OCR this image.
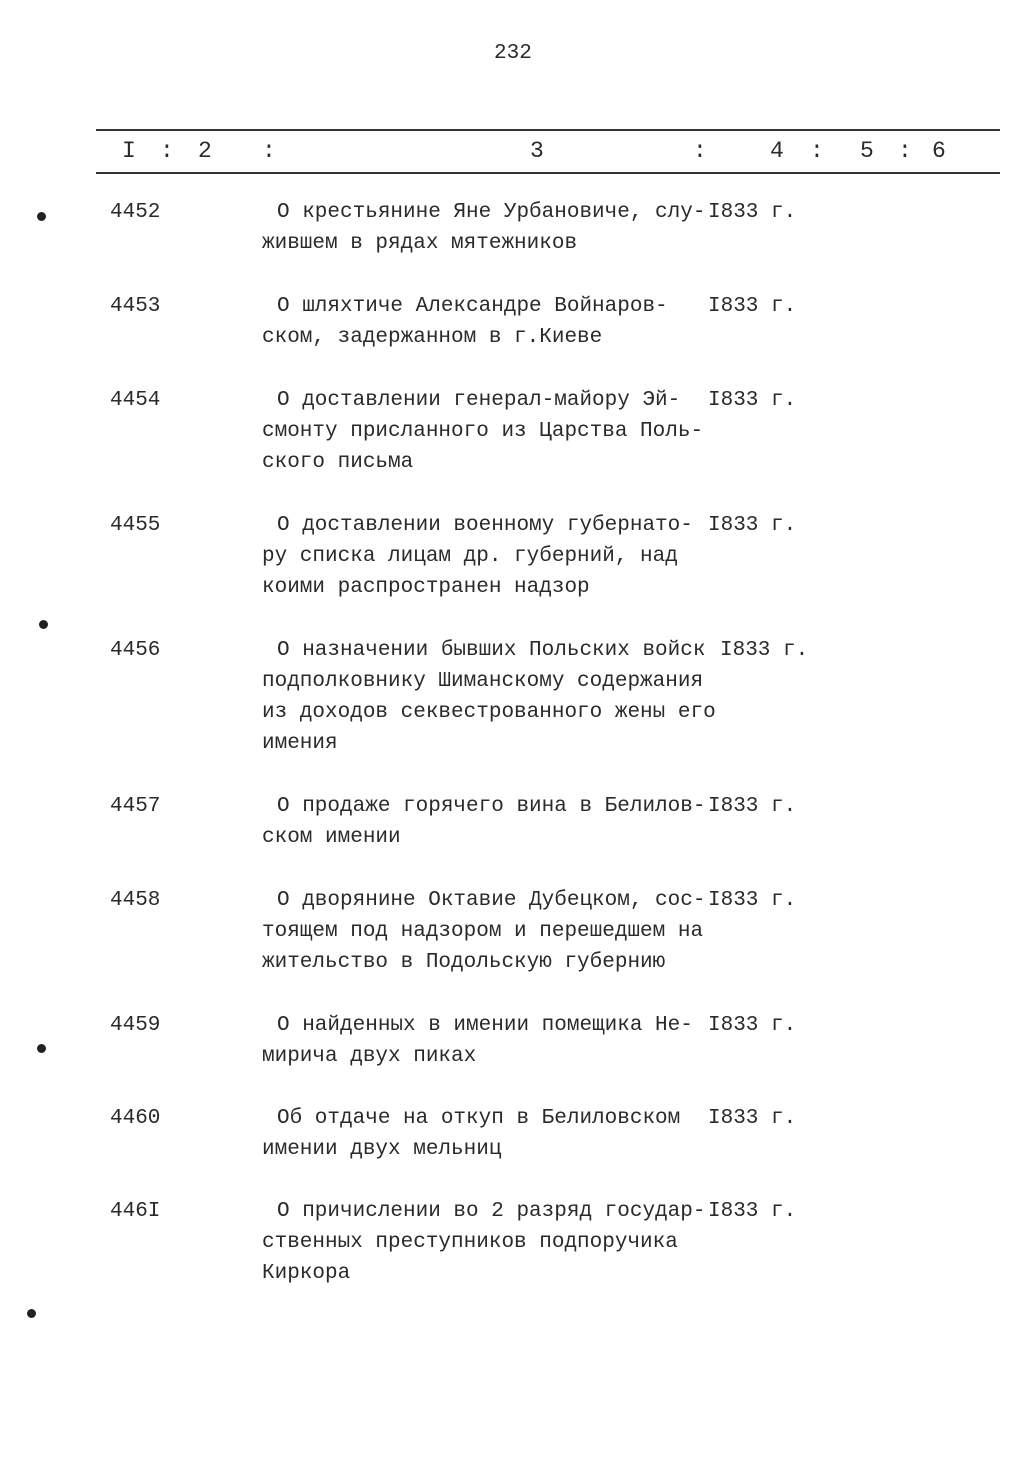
232
I : 2 :	3	:	4 : 5 : 6
4452	О крестьянине Яне Урбановиче, слу-
жившем в рядах мятежников
I833 г.
4453	О шляхтиче Александре Войнаров-
ском, задержанном в г.Киеве
I833 г.
4454	О доставлении генерал-майору Эй-
смонту присланного из Царства Поль-
ского письма
I833 г.
4455	О доставлении военному губернато-
ру списка лицам др. губерний, над
коими распространен надзор
I833 г.
4456	О назначении бывших Польских войск
подполковнику Шиманскому содержания
из доходов секвестрованного жены его
имения
I833 г.
4457	О продаже горячего вина в Белилов-
ском имении
I833 г.
4458	О дворянине Октавие Дубецком, сос-
тоящем под надзором и перешедшем на
жительство в Подольскую губернию
I833 г.
4459	О найденных в имении помещика Не-
мирича двух пиках
I833 г.
4460	Об отдаче на откуп в Белиловском
имении двух мельниц
I833 г.
446I	О причислении во 2 разряд государ-
ственных преступников подпоручика
Киркора
I833 г.
